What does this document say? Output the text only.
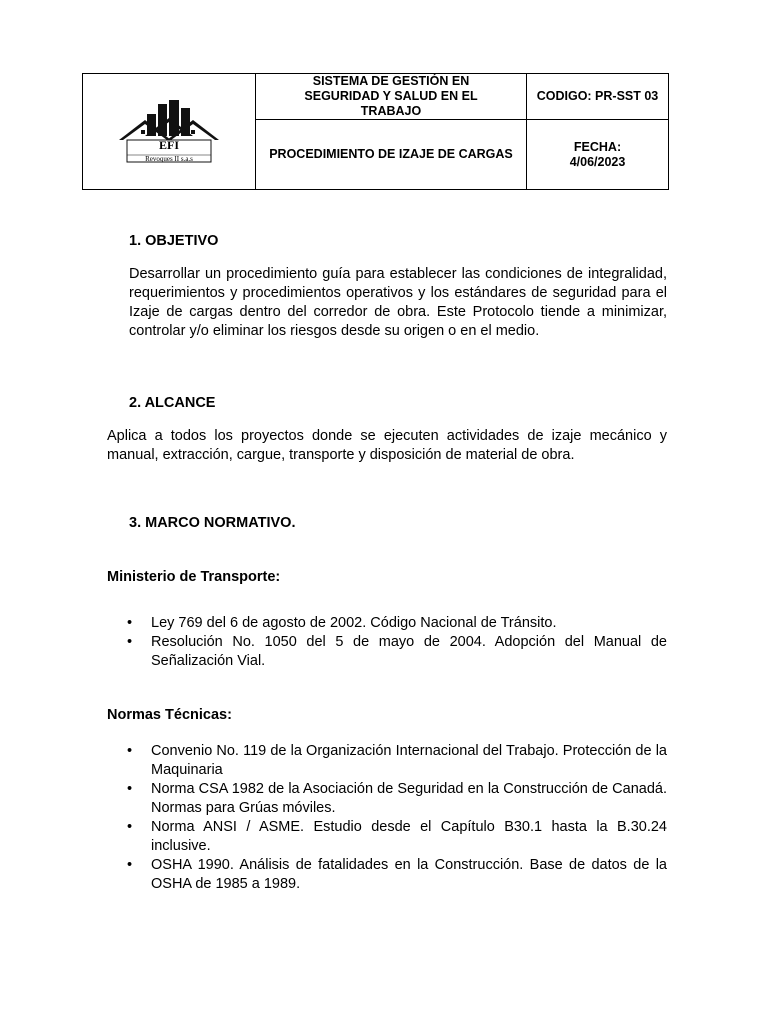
EFI
Revoques II s.a.s	SISTEMA DE GESTIÓN EN SEGURIDAD Y SALUD EN EL TRABAJO	CODIGO: PR-SST 03
	PROCEDIMIENTO DE IZAJE DE CARGAS	FECHA:
4/06/2023
1. OBJETIVO

Desarrollar un procedimiento guía para establecer las condiciones de integralidad, requerimientos y procedimientos operativos y los estándares de seguridad para el Izaje de cargas dentro del corredor de obra. Este Protocolo tiende a minimizar, controlar y/o eliminar los riesgos desde su origen o en el medio.

2. ALCANCE

Aplica a todos los proyectos donde se ejecuten actividades de izaje mecánico y manual, extracción, cargue, transporte y disposición de material de obra.

3. MARCO NORMATIVO.
Ministerio de Transporte:
• Ley 769 del 6 de agosto de 2002. Código Nacional de Tránsito.
• Resolución No. 1050 del 5 de mayo de 2004. Adopción del Manual de Señalización Vial.
Normas Técnicas:
• Convenio No. 119 de la Organización Internacional del Trabajo. Protección de la Maquinaria
• Norma CSA 1982 de la Asociación de Seguridad en la Construcción de Canadá. Normas para Grúas móviles.
• Norma ANSI / ASME. Estudio desde el Capítulo B30.1 hasta la B.30.24 inclusive.
• OSHA 1990. Análisis de fatalidades en la Construcción. Base de datos de la OSHA de 1985 a 1989.
